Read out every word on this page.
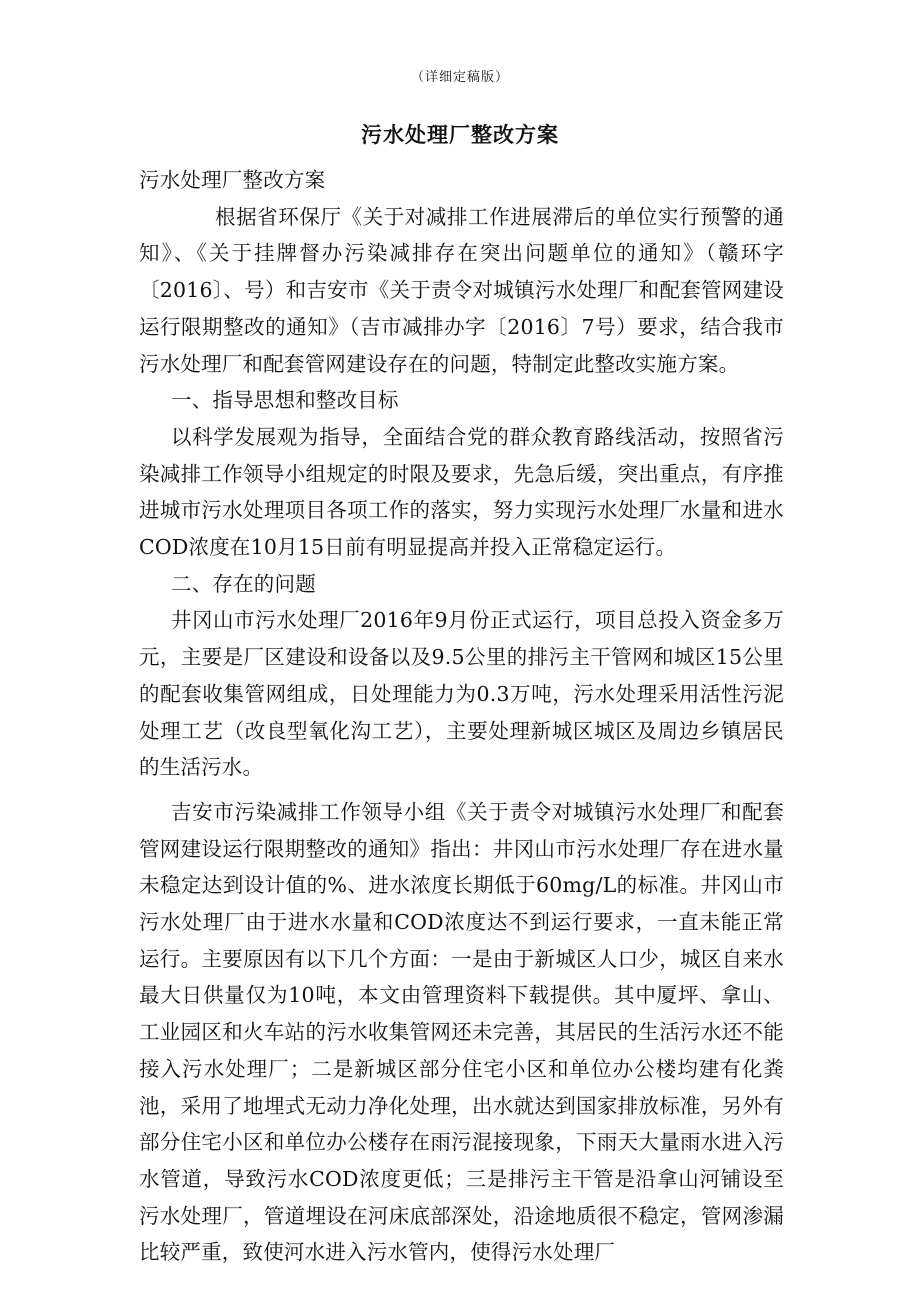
（详细定稿版）
污水处理厂整改方案

污水处理厂整改方案

根据省环保厅《关于对减排工作进展滞后的单位实行预警的通知》、《关于挂牌督办污染减排存在突出问题单位的通知》（赣环字〔2016〕、号）和吉安市《关于责令对城镇污水处理厂和配套管网建设运行限期整改的通知》（吉市减排办字〔2016〕7号）要求，结合我市污水处理厂和配套管网建设存在的问题，特制定此整改实施方案。

一、指导思想和整改目标

以科学发展观为指导，全面结合党的群众教育路线活动，按照省污染减排工作领导小组规定的时限及要求，先急后缓，突出重点，有序推进城市污水处理项目各项工作的落实，努力实现污水处理厂水量和进水COD浓度在10月15日前有明显提高并投入正常稳定运行。

二、存在的问题

井冈山市污水处理厂2016年9月份正式运行，项目总投入资金多万元，主要是厂区建设和设备以及9.5公里的排污主干管网和城区15公里的配套收集管网组成，日处理能力为0.3万吨，污水处理采用活性污泥处理工艺（改良型氧化沟工艺），主要处理新城区城区及周边乡镇居民的生活污水。

吉安市污染减排工作领导小组《关于责令对城镇污水处理厂和配套管网建设运行限期整改的通知》指出：井冈山市污水处理厂存在进水量未稳定达到设计值的%、进水浓度长期低于60mg/L的标准。井冈山市污水处理厂由于进水水量和COD浓度达不到运行要求，一直未能正常运行。主要原因有以下几个方面：一是由于新城区人口少，城区自来水最大日供量仅为10吨，本文由管理资料下载提供。其中厦坪、拿山、工业园区和火车站的污水收集管网还未完善，其居民的生活污水还不能接入污水处理厂；二是新城区部分住宅小区和单位办公楼均建有化粪池，采用了地埋式无动力净化处理，出水就达到国家排放标准，另外有部分住宅小区和单位办公楼存在雨污混接现象，下雨天大量雨水进入污水管道，导致污水COD浓度更低；三是排污主干管是沿拿山河铺设至污水处理厂，管道埋设在河床底部深处，沿途地质很不稳定，管网渗漏比较严重，致使河水进入污水管内，使得污水处理厂
